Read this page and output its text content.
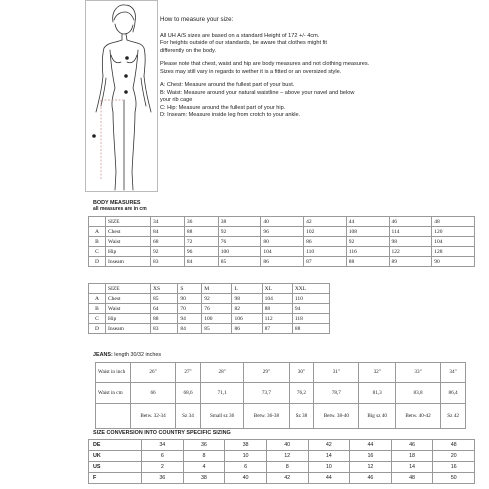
How to measure your size:

All UH A/S sizes are based on a standard Height of 172 +/- 4cm.
For heights outside of our standards, be aware that clothes might fit
differently on the body.

Please note that chest, waist and hip are body measures and not clothing measures.
Sizes may still vary in regards to wether it is a fitted or an oversized style.

A: Chest: Measure around the fullest part of your bust.
B: Waist: Measure around your natural waistline – above your navel and below
your rib cage
C: Hip: Measure around the fullest part of your hip.
D: Inseam: Measure inside leg from crotch to your ankle.

BODY MEASURES
all measures are in cm
	SIZE	34	36	38	40	42	44	46	48
A	Chest	84	88	92	96	102	108	114	120
B	Waist	68	72	76	80	86	92	98	104
C	Hip	92	96	100	104	110	116	122	128
D	Inseam	83	84	85	86	87	88	89	90
	SIZE	XS	S	M	L	XL	XXL
A	Chest	85	90	92	98	104	110
B	Waist	64	70	76	82	88	94
C	Hip	88	94	100	106	112	118
D	Inseam	83	84	85	86	87	88
JEANS: length 30/32 inches
Waist in inch	26"	27"	28"	29"	30"	31"	32"	33"	34"
Waist in cm	66	68,6	71,1	73,7	76,2	78,7	81,3	83,8	86,4
	Betw. 32-34	Sz 34	Small sz 36	Betw. 36-38	Sz 38	Betw. 38-40	Big sz 40	Betw. 40-42	Sz 42
SIZE CONVERSION INTO COUNTRY SPECIFIC SIZING
DE	34	36	38	40	42	44	46	48
UK	6	8	10	12	14	16	18	20
US	2	4	6	8	10	12	14	16
F	36	38	40	42	44	46	48	50
